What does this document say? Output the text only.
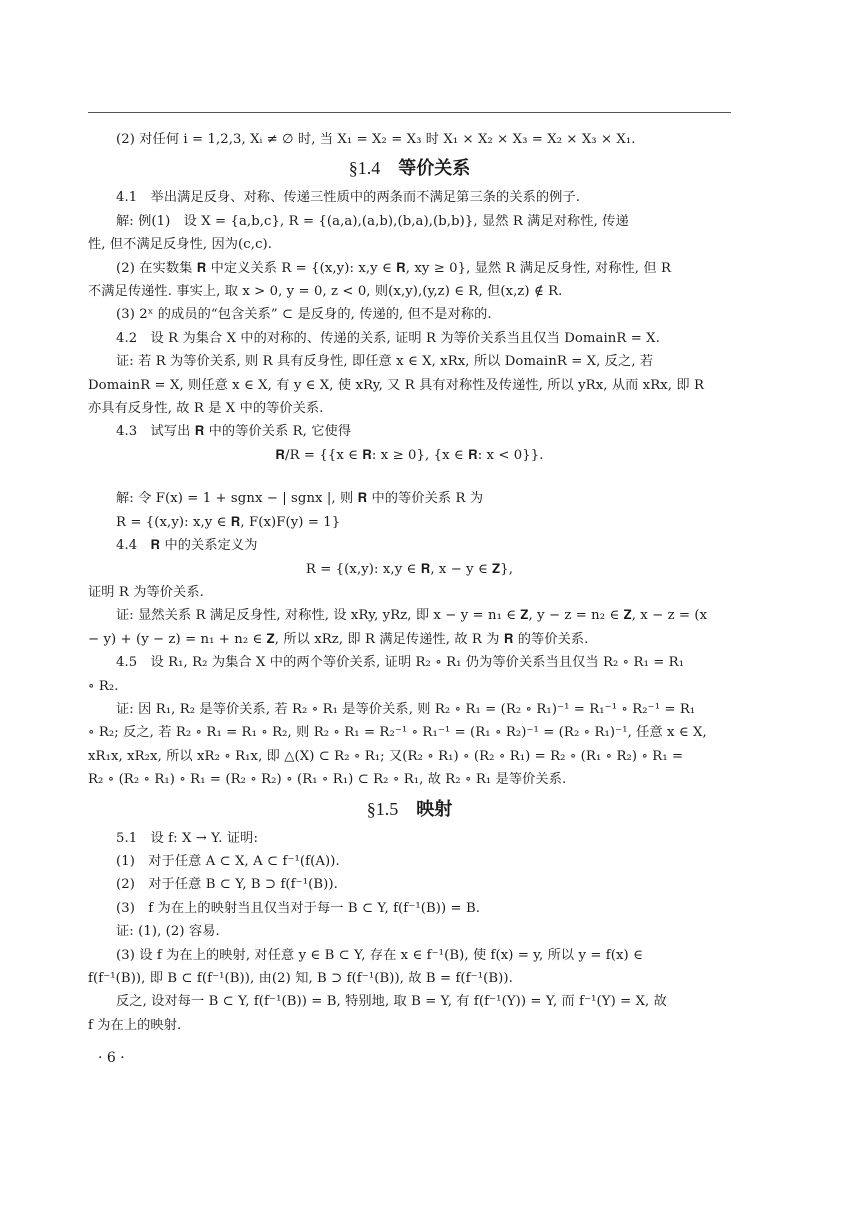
(2) 对任何 i = 1,2,3, Xᵢ ≠ ∅ 时, 当 X₁ = X₂ = X₃ 时 X₁ × X₂ × X₃ = X₂ × X₃ × X₁.
§1.4  等价关系
4.1　举出满足反身、对称、传递三性质中的两条而不满足第三条的关系的例子.
解: 例(1)　设 X = {a,b,c}, R = {(a,a),(a,b),(b,a),(b,b)}, 显然 R 满足对称性, 传递
性, 但不满足反身性, 因为(c,c).
(2) 在实数集 𝐑 中定义关系 R = {(x,y): x,y ∈ 𝐑, xy ≥ 0}, 显然 R 满足反身性, 对称性, 但 R
不满足传递性. 事实上, 取 x > 0, y = 0, z < 0, 则(x,y),(y,z) ∈ R, 但(x,z) ∉ R.
(3) 2ˣ 的成员的“包含关系” ⊂ 是反身的, 传递的, 但不是对称的.
4.2　设 R 为集合 X 中的对称的、传递的关系, 证明 R 为等价关系当且仅当 DomainR = X.
证: 若 R 为等价关系, 则 R 具有反身性, 即任意 x ∈ X, xRx, 所以 DomainR = X, 反之, 若
DomainR = X, 则任意 x ∈ X, 有 y ∈ X, 使 xRy, 又 R 具有对称性及传递性, 所以 yRx, 从而 xRx, 即 R
亦具有反身性, 故 R 是 X 中的等价关系.
4.3　试写出 𝐑 中的等价关系 R, 它使得
𝐑/R = {{x ∈ 𝐑: x ≥ 0}, {x ∈ 𝐑: x < 0}}.
解: 令 F(x) = 1 + sgnx − | sgnx |, 则 𝐑 中的等价关系 R 为
R = {(x,y): x,y ∈ 𝐑, F(x)F(y) = 1}
4.4　𝐑 中的关系定义为
R = {(x,y): x,y ∈ 𝐑, x − y ∈ 𝐙},
证明 R 为等价关系.
证: 显然关系 R 满足反身性, 对称性, 设 xRy, yRz, 即 x − y = n₁ ∈ 𝐙, y − z = n₂ ∈ 𝐙, x − z = (x
− y) + (y − z) = n₁ + n₂ ∈ 𝐙, 所以 xRz, 即 R 满足传递性, 故 R 为 𝐑 的等价关系.
4.5　设 R₁, R₂ 为集合 X 中的两个等价关系, 证明 R₂ ∘ R₁ 仍为等价关系当且仅当 R₂ ∘ R₁ = R₁
∘ R₂.
证: 因 R₁, R₂ 是等价关系, 若 R₂ ∘ R₁ 是等价关系, 则 R₂ ∘ R₁ = (R₂ ∘ R₁)⁻¹ = R₁⁻¹ ∘ R₂⁻¹ = R₁
∘ R₂; 反之, 若 R₂ ∘ R₁ = R₁ ∘ R₂, 则 R₂ ∘ R₁ = R₂⁻¹ ∘ R₁⁻¹ = (R₁ ∘ R₂)⁻¹ = (R₂ ∘ R₁)⁻¹, 任意 x ∈ X,
xR₁x, xR₂x, 所以 xR₂ ∘ R₁x, 即 △(X) ⊂ R₂ ∘ R₁; 又(R₂ ∘ R₁) ∘ (R₂ ∘ R₁) = R₂ ∘ (R₁ ∘ R₂) ∘ R₁ =
R₂ ∘ (R₂ ∘ R₁) ∘ R₁ = (R₂ ∘ R₂) ∘ (R₁ ∘ R₁) ⊂ R₂ ∘ R₁, 故 R₂ ∘ R₁ 是等价关系.
§1.5  映射
5.1　设 f: X → Y. 证明:
(1)　对于任意 A ⊂ X, A ⊂ f⁻¹(f(A)).
(2)　对于任意 B ⊂ Y, B ⊃ f(f⁻¹(B)).
(3)　f 为在上的映射当且仅当对于每一 B ⊂ Y, f(f⁻¹(B)) = B.
证: (1), (2) 容易.
(3) 设 f 为在上的映射, 对任意 y ∈ B ⊂ Y, 存在 x ∈ f⁻¹(B), 使 f(x) = y, 所以 y = f(x) ∈
f(f⁻¹(B)), 即 B ⊂ f(f⁻¹(B)), 由(2) 知, B ⊃ f(f⁻¹(B)), 故 B = f(f⁻¹(B)).
反之, 设对每一 B ⊂ Y, f(f⁻¹(B)) = B, 特别地, 取 B = Y, 有 f(f⁻¹(Y)) = Y, 而 f⁻¹(Y) = X, 故
f 为在上的映射.
· 6 ·
